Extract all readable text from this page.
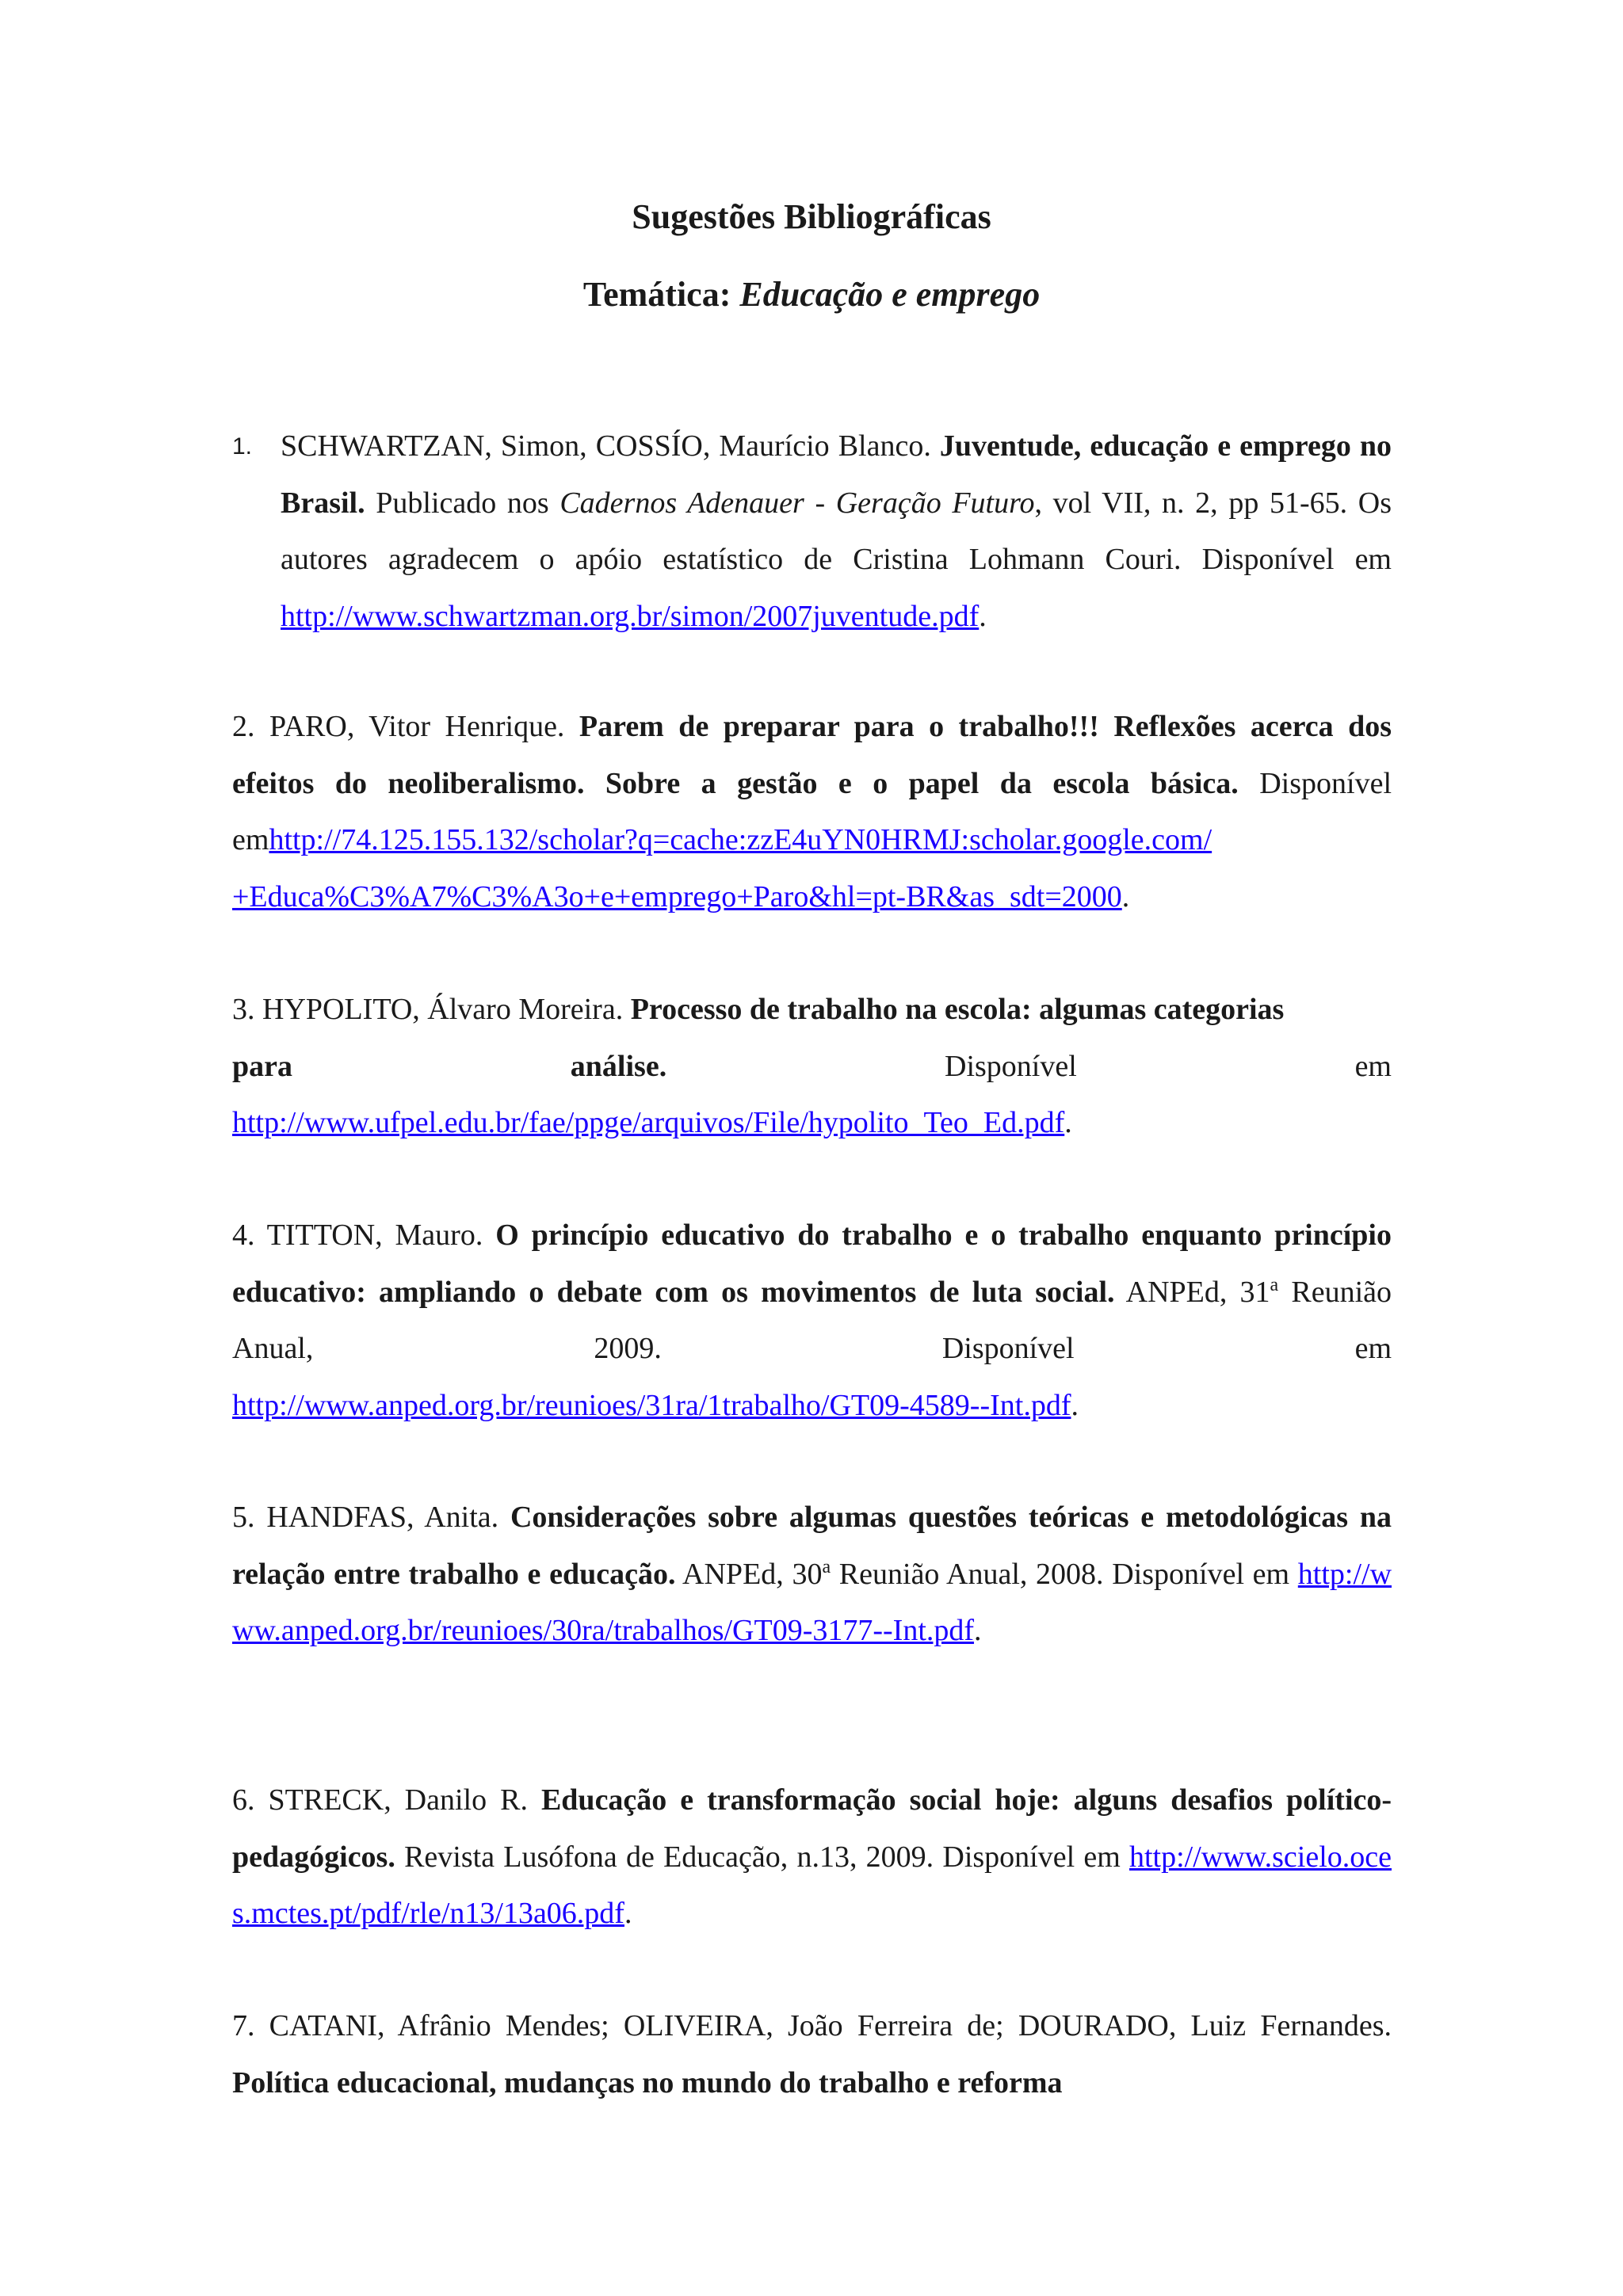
Sugestões Bibliográficas
Temática: Educação e emprego
1. SCHWARTZAN, Simon, COSSÍO, Maurício Blanco. Juventude, educação e emprego no Brasil. Publicado nos Cadernos Adenauer - Geração Futuro, vol VII, n. 2, pp 51-65. Os autores agradecem o apóio estatístico de Cristina Lohmann Couri. Disponível em http://www.schwartzman.org.br/simon/2007juventude.pdf.

2. PARO, Vitor Henrique. Parem de preparar para o trabalho!!! Reflexões acerca dos efeitos do neoliberalismo. Sobre a gestão e o papel da escola básica. Disponível emhttp://74.125.155.132/scholar?q=cache:zzE4uYN0HRMJ:scholar.google.com/
+Educa%C3%A7%C3%A3o+e+emprego+Paro&hl=pt-BR&as_sdt=2000.

3. HYPOLITO, Álvaro Moreira. Processo de trabalho na escola: algumas categorias

para análise.	Disponível em
http://www.ufpel.edu.br/fae/ppge/arquivos/File/hypolito_Teo_Ed.pdf.

4. TITTON, Mauro. O princípio educativo do trabalho e o trabalho enquanto princípio educativo: ampliando o debate com os movimentos de luta social. ANPEd, 31$^a$ Reunião Anual, 2009. Disponível em http://www.anped.org.br/reunioes/31ra/1trabalho/GT09-4589--Int.pdf.

5. HANDFAS, Anita. Considerações sobre algumas questões teóricas e metodológicas na relação entre trabalho e educação. ANPEd, 30$^a$ Reunião Anual, 2008. Disponível em http://www.anped.org.br/reunioes/30ra/trabalhos/GT09-3177--Int.pdf.

6. STRECK, Danilo R. Educação e transformação social hoje: alguns desafios político-pedagógicos. Revista Lusófona de Educação, n.13, 2009. Disponível em http://www.scielo.oces.mctes.pt/pdf/rle/n13/13a06.pdf.

7. CATANI, Afrânio Mendes; OLIVEIRA, João Ferreira de; DOURADO, Luiz Fernandes. Política educacional, mudanças no mundo do trabalho e reforma
